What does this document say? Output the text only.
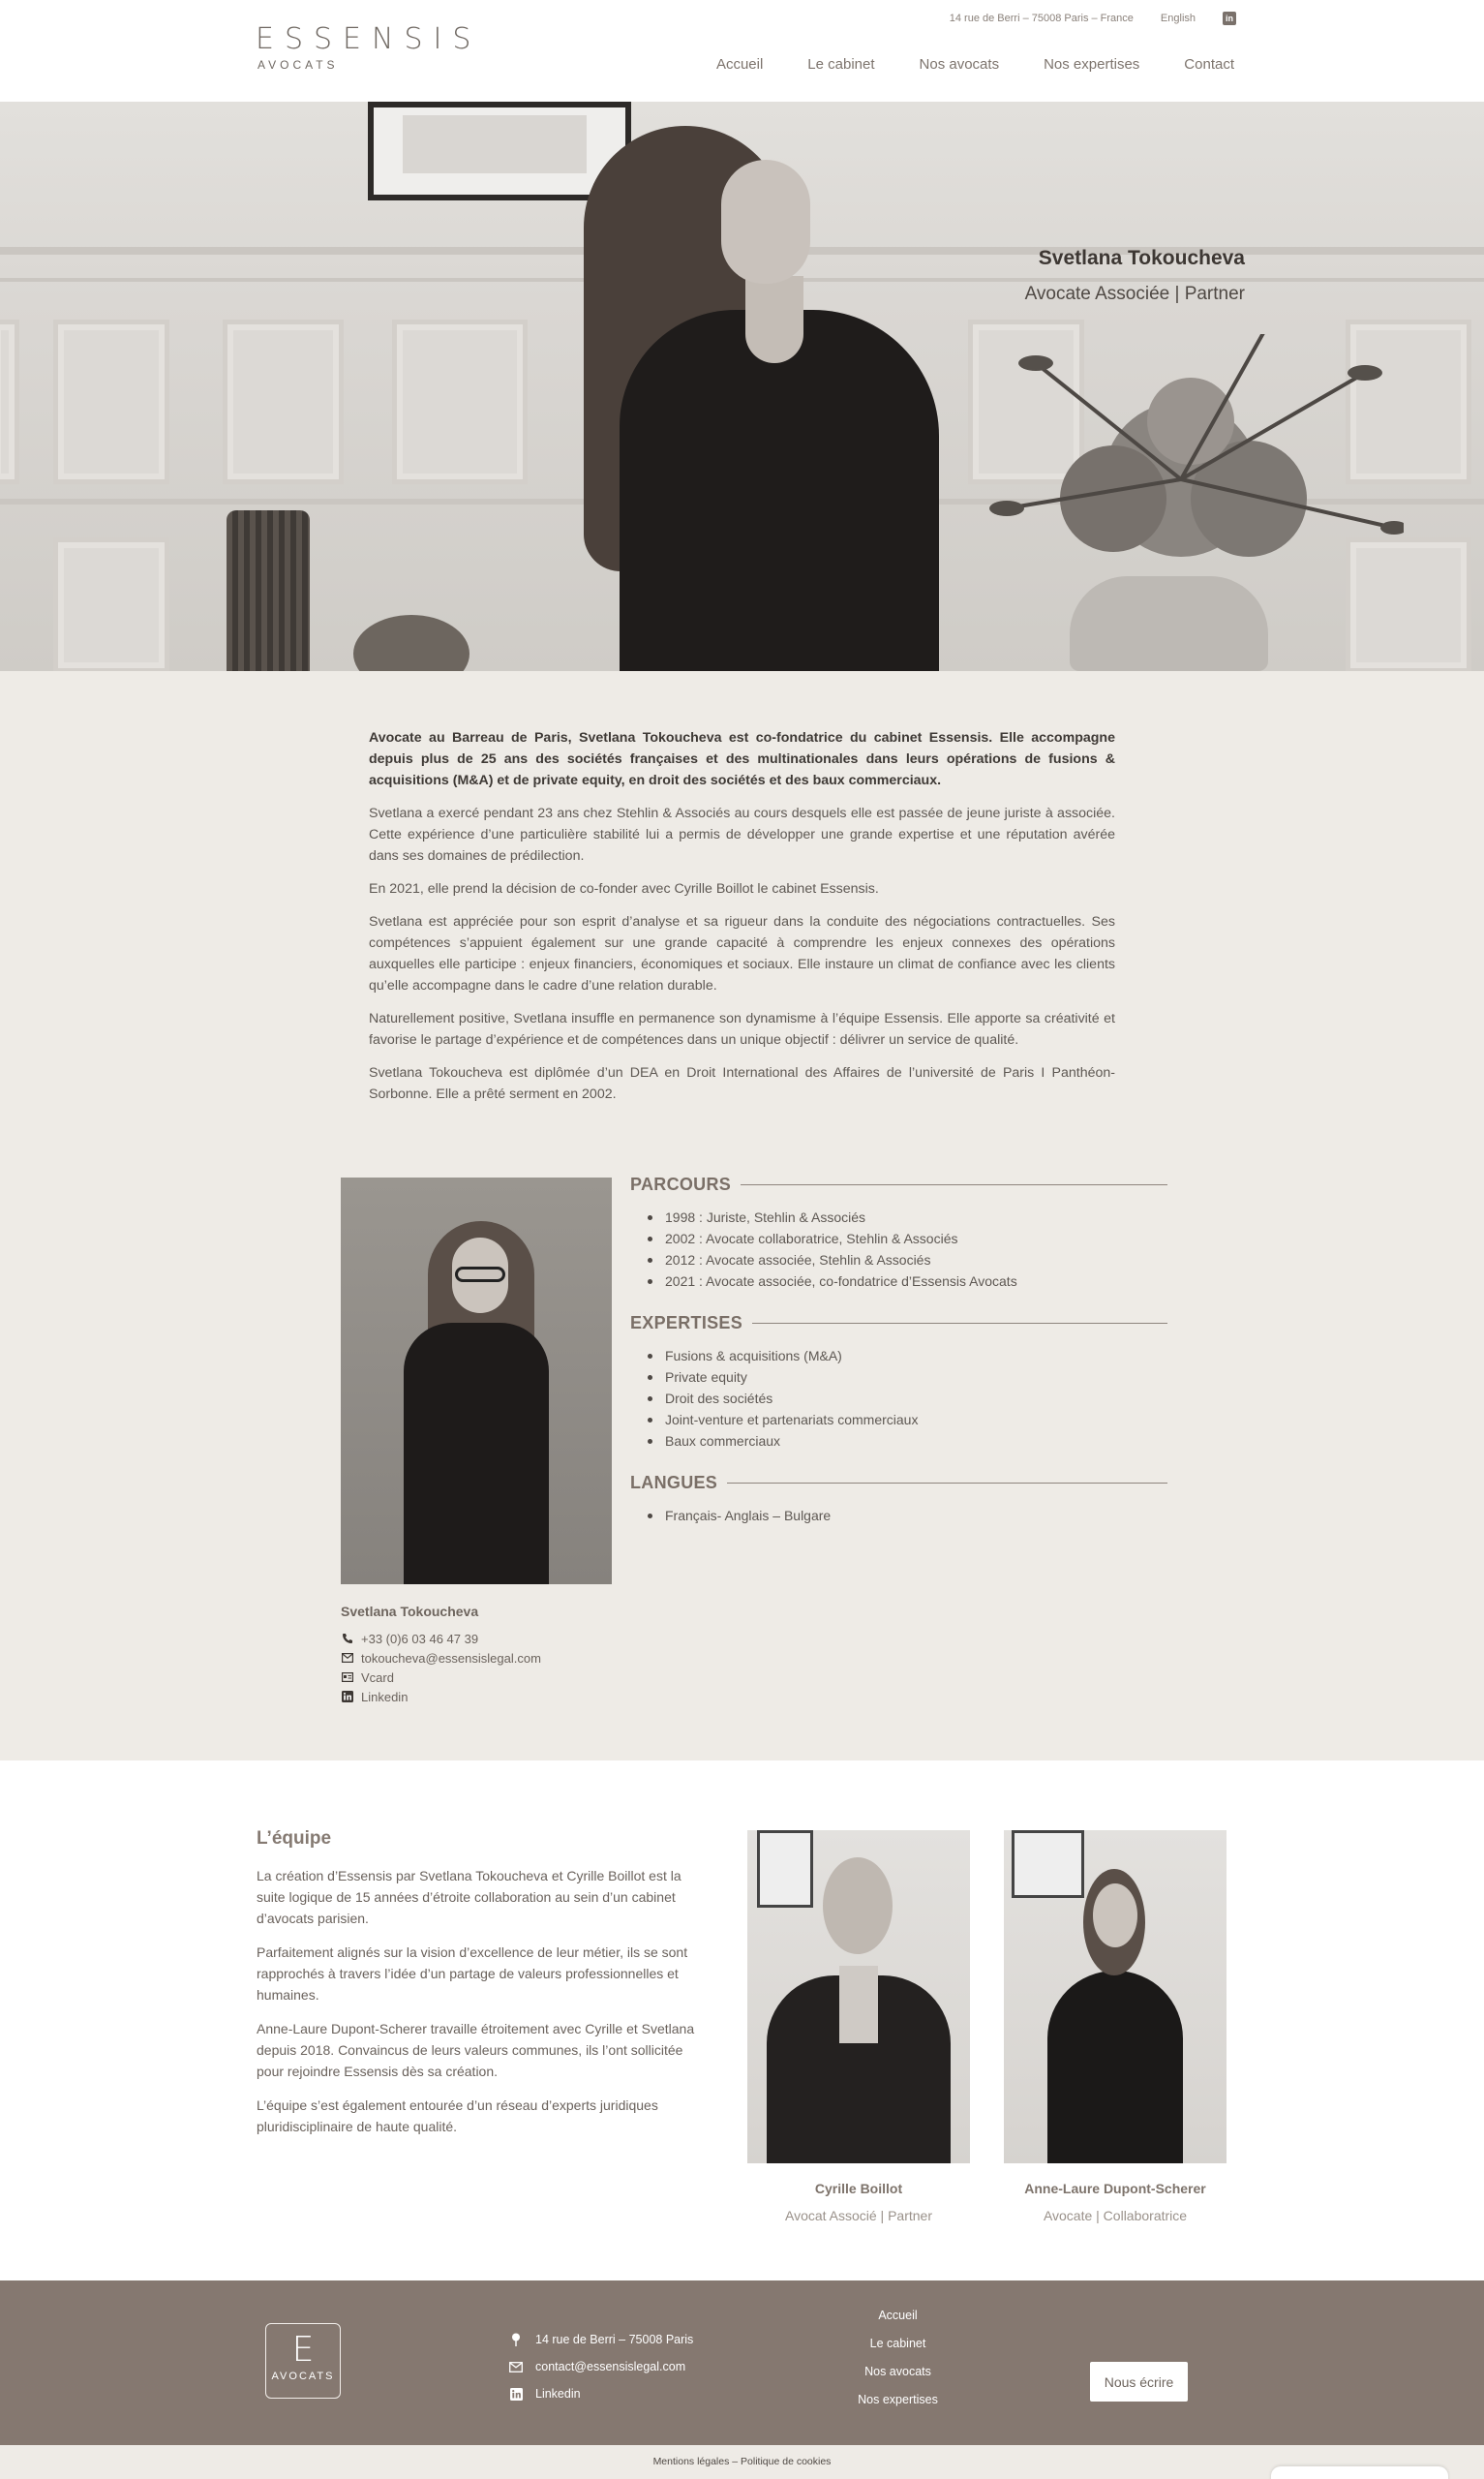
ESSENSIS
AVOCATS
14 rue de Berri – 75008 Paris – France	English	in
Accueil	Le cabinet	Nos avocats	Nos expertises	Contact
Svetlana Tokoucheva
Avocate Associée | Partner

Avocate au Barreau de Paris, Svetlana Tokoucheva est co-fondatrice du cabinet Essensis. Elle accompagne depuis plus de 25 ans des sociétés françaises et des multinationales dans leurs opérations de fusions & acquisitions (M&A) et de private equity, en droit des sociétés et des baux commerciaux.

Svetlana a exercé pendant 23 ans chez Stehlin & Associés au cours desquels elle est passée de jeune juriste à associée. Cette expérience d’une particulière stabilité lui a permis de développer une grande expertise et une réputation avérée dans ses domaines de prédilection.

En 2021, elle prend la décision de co-fonder avec Cyrille Boillot le cabinet Essensis.

Svetlana est appréciée pour son esprit d’analyse et sa rigueur dans la conduite des négociations contractuelles. Ses compétences s’appuient également sur une grande capacité à comprendre les enjeux connexes des opérations auxquelles elle participe : enjeux financiers, économiques et sociaux. Elle instaure un climat de confiance avec les clients qu’elle accompagne dans le cadre d’une relation durable.

Naturellement positive, Svetlana insuffle en permanence son dynamisme à l’équipe Essensis. Elle apporte sa créativité et favorise le partage d’expérience et de compétences dans un unique objectif : délivrer un service de qualité.

Svetlana Tokoucheva est diplômée d’un DEA en Droit International des Affaires de l’université de Paris I Panthéon-Sorbonne. Elle a prêté serment en 2002.

PARCOURS
1998 : Juriste, Stehlin & Associés
2002 : Avocate collaboratrice, Stehlin & Associés
2012 : Avocate associée, Stehlin & Associés
2021 : Avocate associée, co-fondatrice d’Essensis Avocats
EXPERTISES
Fusions & acquisitions (M&A)
Private equity
Droit des sociétés
Joint-venture et partenariats commerciaux
Baux commerciaux
LANGUES
Français- Anglais – Bulgare
Svetlana Tokoucheva
+33 (0)6 03 46 47 39
tokoucheva@essensislegal.com
Vcard
Linkedin
L’équipe

La création d’Essensis par Svetlana Tokoucheva et Cyrille Boillot est la suite logique de 15 années d’étroite collaboration au sein d’un cabinet d’avocats parisien.

Parfaitement alignés sur la vision d’excellence de leur métier, ils se sont rapprochés à travers l’idée d’un partage de valeurs professionnelles et humaines.

Anne-Laure Dupont-Scherer travaille étroitement avec Cyrille et Svetlana depuis 2018. Convaincus de leurs valeurs communes, ils l’ont sollicitée pour rejoindre Essensis dès sa création.

L’équipe s’est également entourée d’un réseau d’experts juridiques pluridisciplinaire de haute qualité.

Cyrille Boillot
Avocat Associé | Partner
Anne-Laure Dupont-Scherer
Avocate | Collaboratrice
E
AVOCATS
14 rue de Berri – 75008 Paris
contact@essensislegal.com
Linkedin
Accueil
Le cabinet
Nos avocats
Nos expertises
Nous écrire
Mentions légales – Politique de cookies
